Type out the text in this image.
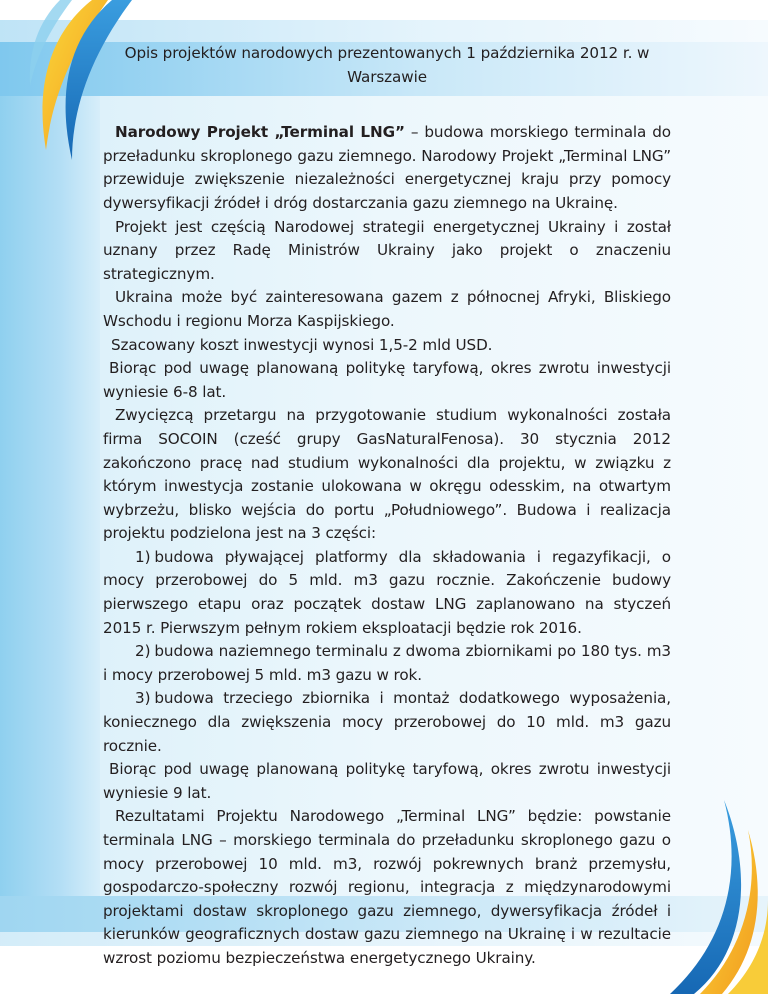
Opis projektów narodowych prezentowanych 1 października 2012 r. w
Warszawie

Narodowy Projekt „Terminal LNG” – budowa morskiego terminala do przeładunku skroplonego gazu ziemnego. Narodowy Projekt „Terminal LNG” przewiduje zwiększenie niezależności energetycznej kraju przy pomocy dywersyfikacji źródeł i dróg dostarczania gazu ziemnego na Ukrainę.

Projekt jest częścią Narodowej strategii energetycznej Ukrainy i został uznany przez Radę Ministrów Ukrainy jako projekt o znaczeniu strategicznym.

Ukraina może być zainteresowana gazem z północnej Afryki, Bliskiego Wschodu i regionu Morza Kaspijskiego.

Szacowany koszt inwestycji wynosi 1,5-2 mld USD.

Biorąc pod uwagę planowaną politykę taryfową, okres zwrotu inwestycji wyniesie 6-8 lat.

Zwycięzcą przetargu na przygotowanie studium wykonalności została firma SOCOIN (cześć grupy GasNaturalFenosa). 30 stycznia 2012 zakończono pracę nad studium wykonalności dla projektu, w związku z którym inwestycja zostanie ulokowana w okręgu odesskim, na otwartym wybrzeżu, blisko wejścia do portu „Południowego”. Budowa i realizacja projektu podzielona jest na 3 części:

1) budowa pływającej platformy dla składowania i regazyfikacji, o mocy przerobowej do 5 mld. m3 gazu rocznie. Zakończenie budowy pierwszego etapu oraz początek dostaw LNG zaplanowano na styczeń 2015 r. Pierwszym pełnym rokiem eksploatacji będzie rok 2016.

2) budowa naziemnego terminalu z dwoma zbiornikami po 180 tys. m3 i mocy przerobowej 5 mld. m3 gazu w rok.

3) budowa trzeciego zbiornika i montaż dodatkowego wyposażenia, koniecznego dla zwiększenia mocy przerobowej do 10 mld. m3 gazu rocznie.

Biorąc pod uwagę planowaną politykę taryfową, okres zwrotu inwestycji wyniesie 9 lat.

Rezultatami Projektu Narodowego „Terminal LNG” będzie: powstanie terminala LNG – morskiego terminala do przeładunku skroplonego gazu o mocy przerobowej 10 mld. m3, rozwój pokrewnych branż przemysłu, gospodarczo-społeczny rozwój regionu, integracja z międzynarodowymi projektami dostaw skroplonego gazu ziemnego, dywersyfikacja źródeł i kierunków geograficznych dostaw gazu ziemnego na Ukrainę i w rezultacie wzrost poziomu bezpieczeństwa energetycznego Ukrainy.
